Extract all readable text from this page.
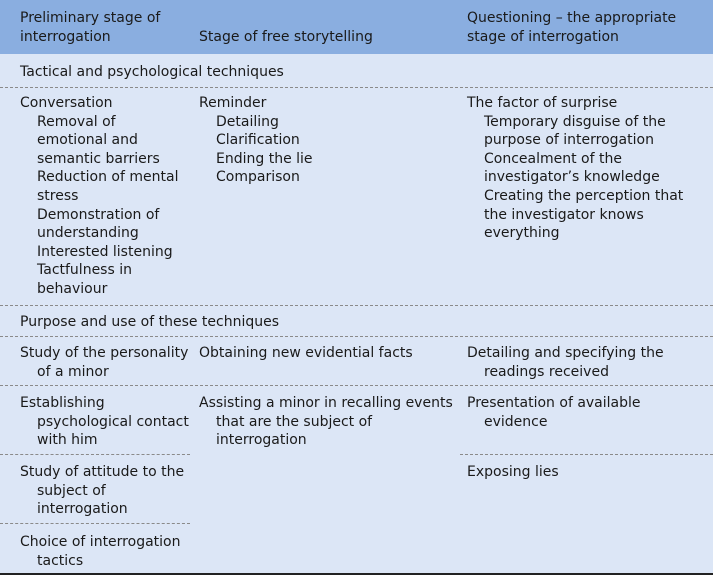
Preliminary stage of
interrogation	Stage of free storytelling
Questioning – the appropriate
stage of interrogation
Tactical and psychological techniques
Conversation
Removal of
emotional and
semantic barriers
Reduction of mental
stress
Demonstration of
understanding
Interested listening
Tactfulness in
behaviour
Reminder
Detailing
Clarification
Ending the lie
Comparison
The factor of surprise
Temporary disguise of the
purpose of interrogation
Concealment of the
investigator’s knowledge
Creating the perception that
the investigator knows
everything
Purpose and use of these techniques
Study of the personality
of a minor
Obtaining new evidential facts	Detailing and specifying the
readings received
Establishing
psychological contact
with him
Assisting a minor in recalling events
that are the subject of
interrogation
Presentation of available
evidence
Study of attitude to the
subject of
interrogation
Exposing lies
Choice of interrogation
tactics
